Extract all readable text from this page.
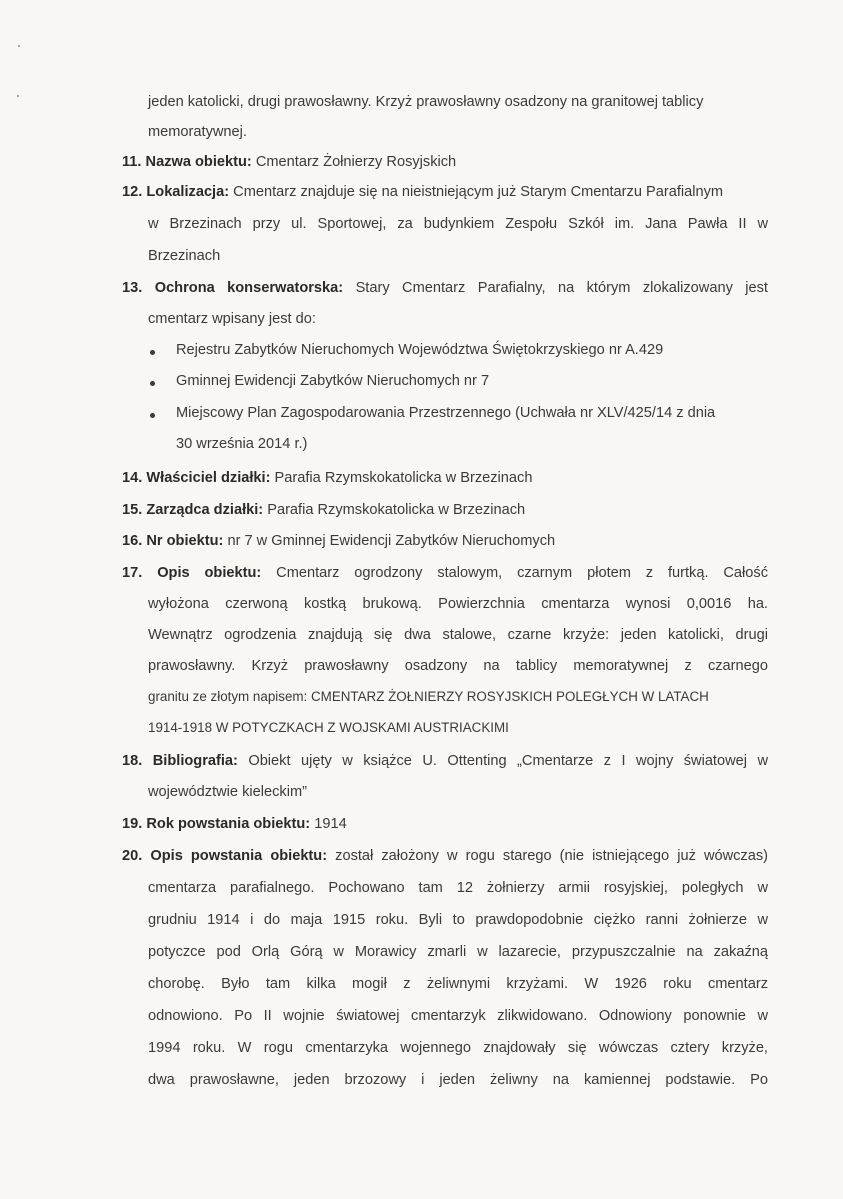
jeden katolicki, drugi prawosławny. Krzyż prawosławny osadzony na granitowej tablicy
memoratywnej.
11. Nazwa obiektu: Cmentarz Żołnierzy Rosyjskich
12. Lokalizacja: Cmentarz znajduje się na nieistniejącym już Starym Cmentarzu Parafialnym
w Brzezinach przy ul. Sportowej, za budynkiem Zespołu Szkół im. Jana Pawła II w
Brzezinach
13. Ochrona konserwatorska: Stary Cmentarz Parafialny, na którym zlokalizowany jest
cmentarz wpisany jest do:
Rejestru Zabytków Nieruchomych Województwa Świętokrzyskiego nr A.429
Gminnej Ewidencji Zabytków Nieruchomych nr 7
Miejscowy Plan Zagospodarowania Przestrzennego (Uchwała nr XLV/425/14 z dnia
30 września 2014 r.)
14. Właściciel działki: Parafia Rzymskokatolicka w Brzezinach
15. Zarządca działki: Parafia Rzymskokatolicka w Brzezinach
16. Nr obiektu: nr 7 w Gminnej Ewidencji Zabytków Nieruchomych
17. Opis obiektu: Cmentarz ogrodzony stalowym, czarnym płotem z furtką. Całość
wyłożona czerwoną kostką brukową. Powierzchnia cmentarza wynosi 0,0016 ha.
Wewnątrz ogrodzenia znajdują się dwa stalowe, czarne krzyże: jeden katolicki, drugi
prawosławny. Krzyż prawosławny osadzony na tablicy memoratywnej z czarnego
granitu ze złotym napisem: CMENTARZ ŻOŁNIERZY ROSYJSKICH POLEGŁYCH W LATACH
1914-1918 W POTYCZKACH Z WOJSKAMI AUSTRIACKIMI
18. Bibliografia: Obiekt ujęty w książce U. Ottenting „Cmentarze z I wojny światowej w
województwie kieleckim”
19. Rok powstania obiektu: 1914
20. Opis powstania obiektu: został założony w rogu starego (nie istniejącego już wówczas)
cmentarza parafialnego. Pochowano tam 12 żołnierzy armii rosyjskiej, poległych w
grudniu 1914 i do maja 1915 roku. Byli to prawdopodobnie ciężko ranni żołnierze w
potyczce pod Orlą Górą w Morawicy zmarli w lazarecie, przypuszczalnie na zakaźną
chorobę. Było tam kilka mogił z żeliwnymi krzyżami. W 1926 roku cmentarz
odnowiono. Po II wojnie światowej cmentarzyk zlikwidowano. Odnowiony ponownie w
1994 roku. W rogu cmentarzyka wojennego znajdowały się wówczas cztery krzyże,
dwa prawosławne, jeden brzozowy i jeden żeliwny na kamiennej podstawie. Po
